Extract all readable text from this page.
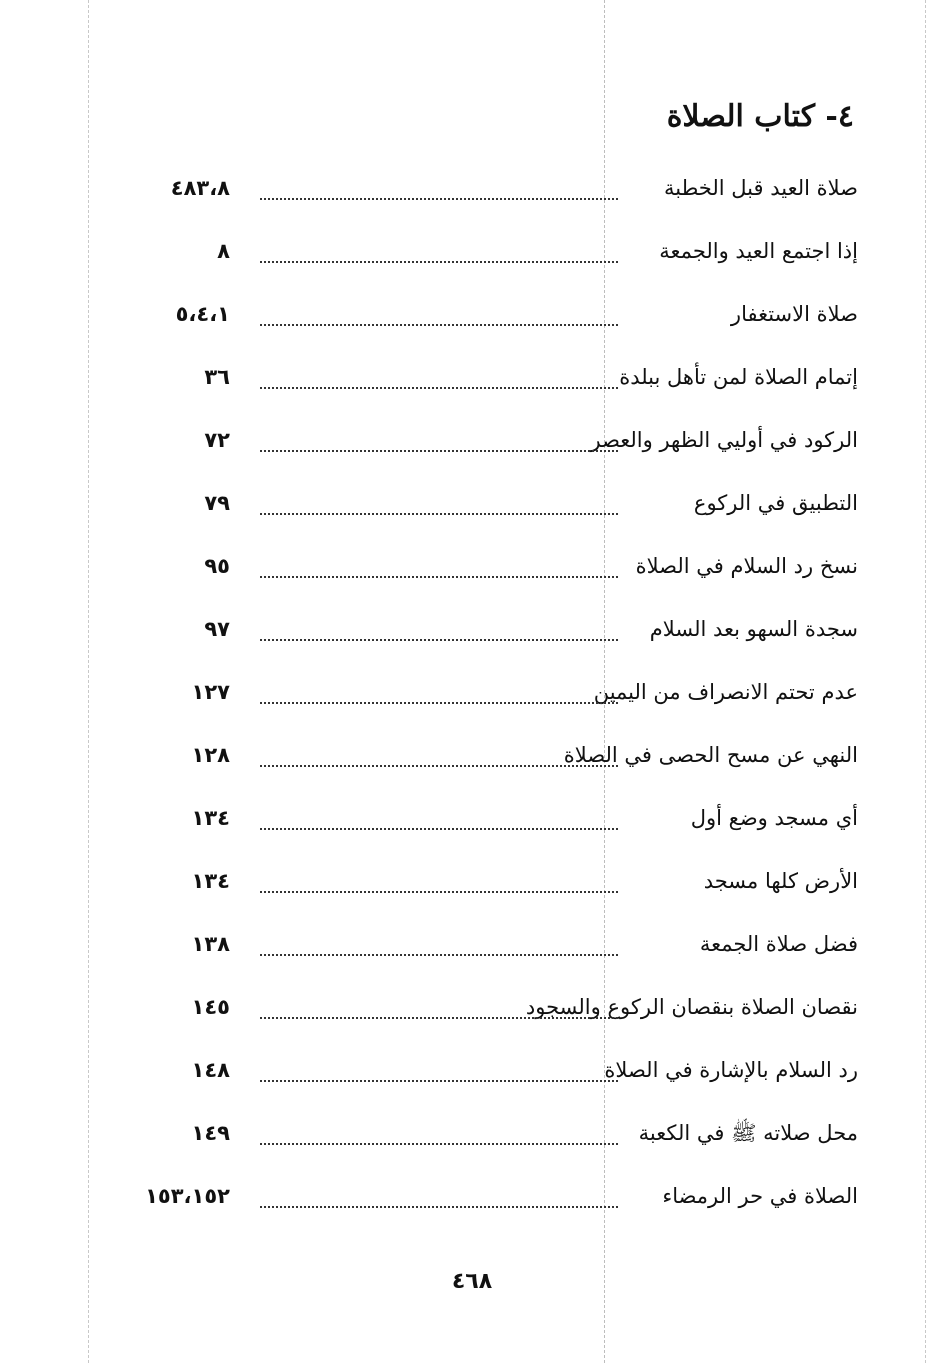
٤- كتاب الصلاة
صلاة العيد قبل الخطبة
٤٨٣،٨
إذا اجتمع العيد والجمعة
٨
صلاة الاستغفار
٥،٤،١
إتمام الصلاة لمن تأهل ببلدة
٣٦
الركود في أوليي الظهر والعصر
٧٢
التطبيق في الركوع
٧٩
نسخ رد السلام في الصلاة
٩٥
سجدة السهو بعد السلام
٩٧
عدم تحتم الانصراف من اليمين
١٢٧
النهي عن مسح الحصى في الصلاة
١٢٨
أي مسجد وضع أول
١٣٤
الأرض كلها مسجد
١٣٤
فضل صلاة الجمعة
١٣٨
نقصان الصلاة بنقصان الركوع والسجود
١٤٥
رد السلام بالإشارة في الصلاة
١٤٨
محل صلاته ﷺ في الكعبة
١٤٩
الصلاة في حر الرمضاء
١٥٣،١٥٢
٤٦٨
